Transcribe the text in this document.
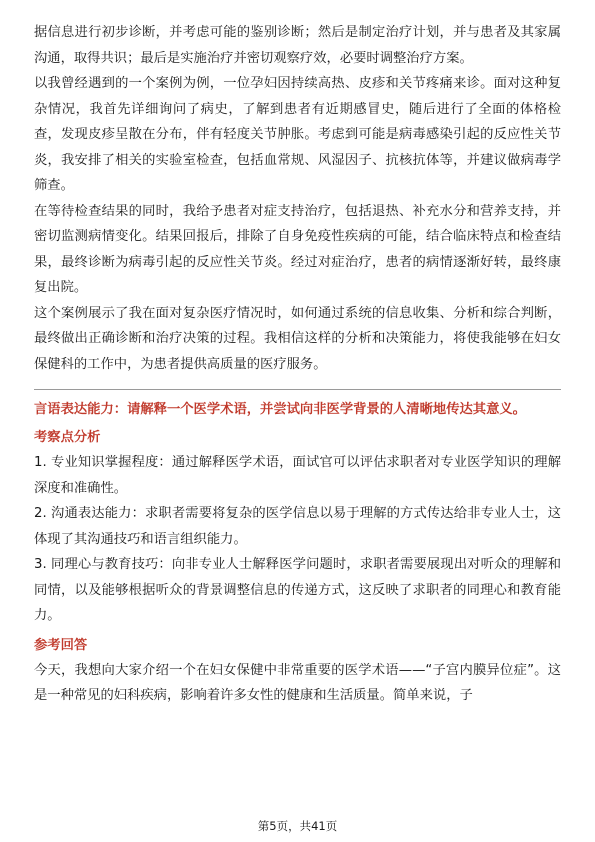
据信息进行初步诊断，并考虑可能的鉴别诊断；然后是制定治疗计划，并与患者及其家属沟通，取得共识；最后是实施治疗并密切观察疗效，必要时调整治疗方案。

以我曾经遇到的一个案例为例，一位孕妇因持续高热、皮疹和关节疼痛来诊。面对这种复杂情况，我首先详细询问了病史，了解到患者有近期感冒史，随后进行了全面的体格检查，发现皮疹呈散在分布，伴有轻度关节肿胀。考虑到可能是病毒感染引起的反应性关节炎，我安排了相关的实验室检查，包括血常规、风湿因子、抗核抗体等，并建议做病毒学筛查。

在等待检查结果的同时，我给予患者对症支持治疗，包括退热、补充水分和营养支持，并密切监测病情变化。结果回报后，排除了自身免疫性疾病的可能，结合临床特点和检查结果，最终诊断为病毒引起的反应性关节炎。经过对症治疗，患者的病情逐渐好转，最终康复出院。

这个案例展示了我在面对复杂医疗情况时，如何通过系统的信息收集、分析和综合判断，最终做出正确诊断和治疗决策的过程。我相信这样的分析和决策能力，将使我能够在妇女保健科的工作中，为患者提供高质量的医疗服务。

言语表达能力：请解释一个医学术语，并尝试向非医学背景的人清晰地传达其意义。

考察点分析

1. 专业知识掌握程度：通过解释医学术语，面试官可以评估求职者对专业医学知识的理解深度和准确性。

2. 沟通表达能力：求职者需要将复杂的医学信息以易于理解的方式传达给非专业人士，这体现了其沟通技巧和语言组织能力。

3. 同理心与教育技巧：向非专业人士解释医学问题时，求职者需要展现出对听众的理解和同情，以及能够根据听众的背景调整信息的传递方式，这反映了求职者的同理心和教育能力。

参考回答

今天，我想向大家介绍一个在妇女保健中非常重要的医学术语——“子宫内膜异位症”。这是一种常见的妇科疾病，影响着许多女性的健康和生活质量。简单来说，子

第5页，共41页
